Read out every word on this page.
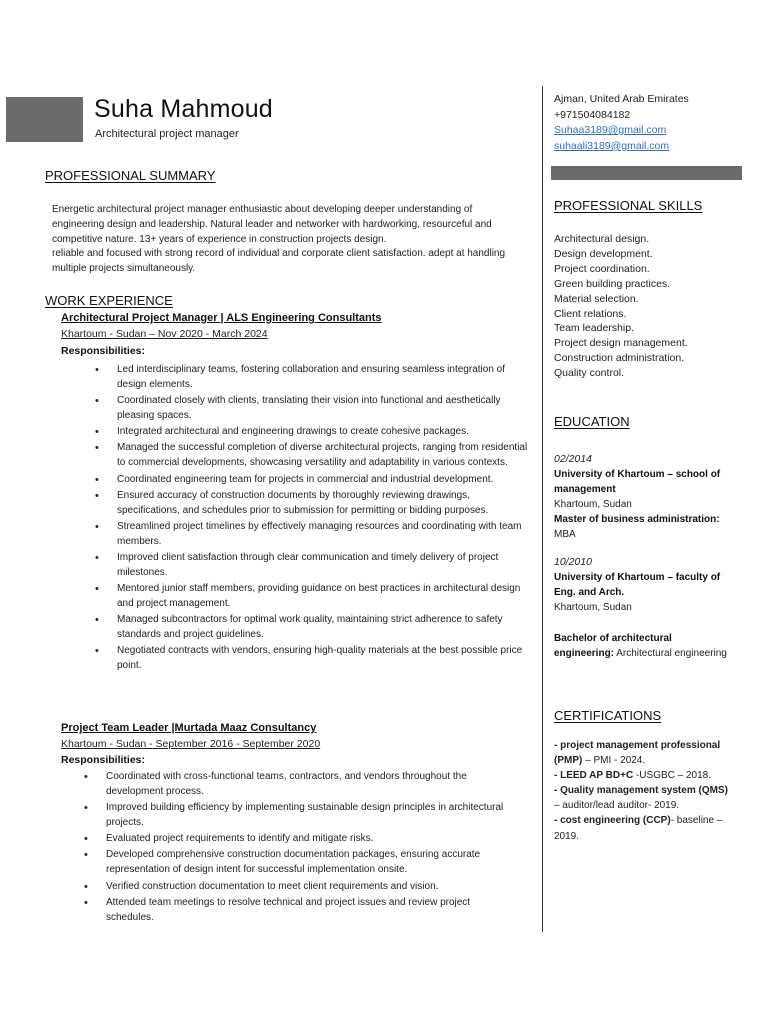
Suha Mahmoud
Architectural project manager
PROFESSIONAL SUMMARY

Energetic architectural project manager enthusiastic about developing deeper understanding of engineering design and leadership. Natural leader and networker with hardworking, resourceful and competitive nature. 13+ years of experience in construction projects design.

reliable and focused with strong record of individual and corporate client satisfaction. adept at handling multiple projects simultaneously.

WORK EXPERIENCE
Architectural Project Manager | ALS Engineering Consultants
Khartoum - Sudan – Nov 2020 - March 2024
Responsibilities:
• Led interdisciplinary teams, fostering collaboration and ensuring seamless integration of design elements.
• Coordinated closely with clients, translating their vision into functional and aesthetically pleasing spaces.
• Integrated architectural and engineering drawings to create cohesive packages.
• Managed the successful completion of diverse architectural projects, ranging from residential to commercial developments, showcasing versatility and adaptability in various contexts.
• Coordinated engineering team for projects in commercial and industrial development.
• Ensured accuracy of construction documents by thoroughly reviewing drawings, specifications, and schedules prior to submission for permitting or bidding purposes.
• Streamlined project timelines by effectively managing resources and coordinating with team members.
• Improved client satisfaction through clear communication and timely delivery of project milestones.
• Mentored junior staff members, providing guidance on best practices in architectural design and project management.
• Managed subcontractors for optimal work quality, maintaining strict adherence to safety standards and project guidelines.
• Negotiated contracts with vendors, ensuring high-quality materials at the best possible price point.
Project Team Leader |Murtada Maaz Consultancy
Khartoum - Sudan - September 2016 - September 2020
Responsibilities:
• Coordinated with cross-functional teams, contractors, and vendors throughout the development process.
• Improved building efficiency by implementing sustainable design principles in architectural projects.
• Evaluated project requirements to identify and mitigate risks.
• Developed comprehensive construction documentation packages, ensuring accurate representation of design intent for successful implementation onsite.
• Verified construction documentation to meet client requirements and vision.
• Attended team meetings to resolve technical and project issues and review project schedules.
Ajman, United Arab Emirates
+971504084182
Suhaa3189@gmail.com
suhaali3189@gmail.com
PROFESSIONAL SKILLS
Architectural design.
Design development.
Project coordination.
Green building practices.
Material selection.
Client relations.
Team leadership.
Project design management.
Construction administration.
Quality control.
EDUCATION
02/2014
University of Khartoum – school of management
Khartoum, Sudan
Master of business administration: MBA
10/2010
University of Khartoum – faculty of Eng. and Arch.
Khartoum, Sudan
Bachelor of architectural engineering: Architectural engineering
CERTIFICATIONS
- project management professional (PMP) – PMI - 2024.
- LEED AP BD+C -USGBC – 2018.
- Quality management system (QMS) – auditor/lead auditor- 2019.
- cost engineering (CCP)- baseline – 2019.
